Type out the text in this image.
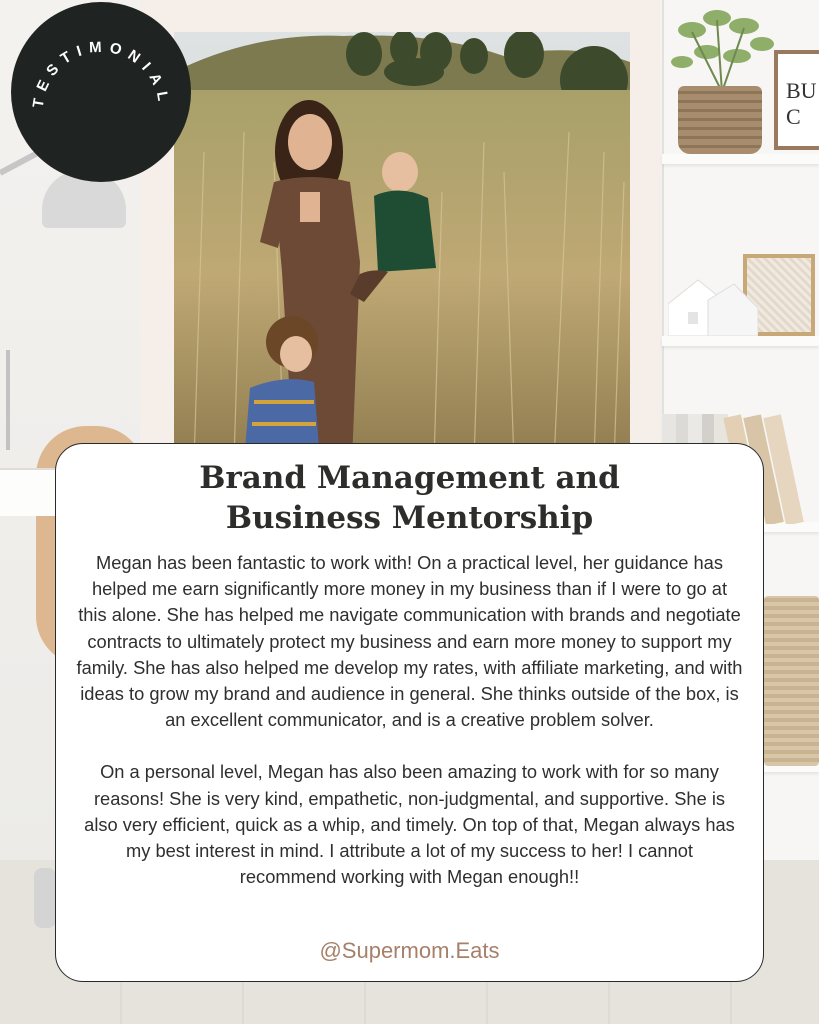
BU C
TESTIMONIAL
Brand Management and
Business Mentorship

Megan has been fantastic to work with! On a practical level, her guidance has helped me earn significantly more money in my business than if I were to go at this alone. She has helped me navigate communication with brands and negotiate contracts to ultimately protect my business and earn more money to support my family. She has also helped me develop my rates, with affiliate marketing, and with ideas to grow my brand and audience in general. She thinks outside of the box, is an excellent communicator, and is a creative problem solver.

On a personal level, Megan has also been amazing to work with for so many reasons! She is very kind, empathetic, non-judgmental, and supportive. She is also very efficient, quick as a whip, and timely. On top of that, Megan always has my best interest in mind. I attribute a lot of my success to her! I cannot recommend working with Megan enough!!

@Supermom.Eats
